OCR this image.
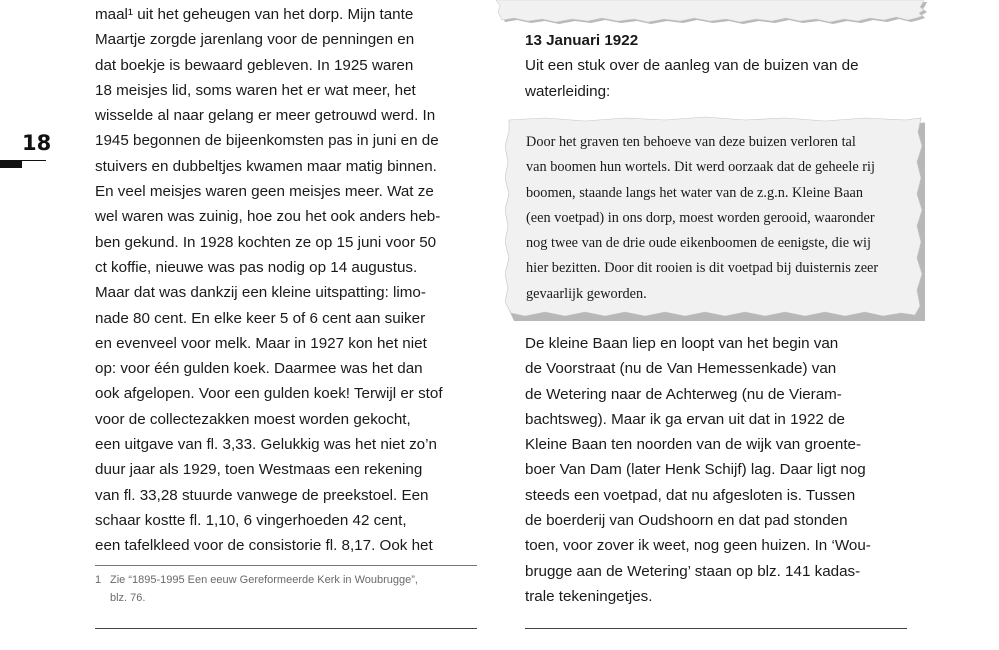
18
maal¹ uit het geheugen van het dorp. Mijn tante
Maartje zorgde jarenlang voor de penningen en
dat boekje is bewaard gebleven. In 1925 waren
18 meisjes lid, soms waren het er wat meer, het
wisselde al naar gelang er meer getrouwd werd. In
1945 begonnen de bijeenkomsten pas in juni en de
stuivers en dubbeltjes kwamen maar matig binnen.
En veel meisjes waren geen meisjes meer. Wat ze
wel waren was zuinig, hoe zou het ook anders heb-
ben gekund. In 1928 kochten ze op 15 juni voor 50
ct koffie, nieuwe was pas nodig op 14 augustus.
Maar dat was dankzij een kleine uitspatting: limo-
nade 80 cent. En elke keer 5 of 6 cent aan suiker
en evenveel voor melk. Maar in 1927 kon het niet
op: voor één gulden koek. Daarmee was het dan
ook afgelopen. Voor een gulden koek! Terwijl er stof
voor de collectezakken moest worden gekocht,
een uitgave van fl. 3,33. Gelukkig was het niet zo’n
duur jaar als 1929, toen Westmaas een rekening
van fl. 33,28 stuurde vanwege de preekstoel. Een
schaar kostte fl. 1,10, 6 vingerhoeden 42 cent,
een tafelkleed voor de consistorie fl. 8,17. Ook het
1 Zie “1895-1995 Een eeuw Gereformeerde Kerk in Woubrugge”,
blz. 76.
13 Januari 1922
Uit een stuk over de aanleg van de buizen van de
waterleiding:
Door het graven ten behoeve van deze buizen verloren tal
van boomen hun wortels. Dit werd oorzaak dat de geheele rij
boomen, staande langs het water van de z.g.n. Kleine Baan
(een voetpad) in ons dorp, moest worden gerooid, waaronder
nog twee van de drie oude eikenboomen de eenigste, die wij
hier bezitten. Door dit rooien is dit voetpad bij duisternis zeer
gevaarlijk geworden.
De kleine Baan liep en loopt van het begin van
de Voorstraat (nu de Van Hemessenkade) van
de Wetering naar de Achterweg (nu de Vieram-
bachtsweg). Maar ik ga ervan uit dat in 1922 de
Kleine Baan ten noorden van de wijk van groente-
boer Van Dam (later Henk Schijf) lag. Daar ligt nog
steeds een voetpad, dat nu afgesloten is. Tussen
de boerderij van Oudshoorn en dat pad stonden
toen, voor zover ik weet, nog geen huizen. In ‘Wou-
brugge aan de Wetering’ staan op blz. 141 kadas-
trale tekeningetjes.
